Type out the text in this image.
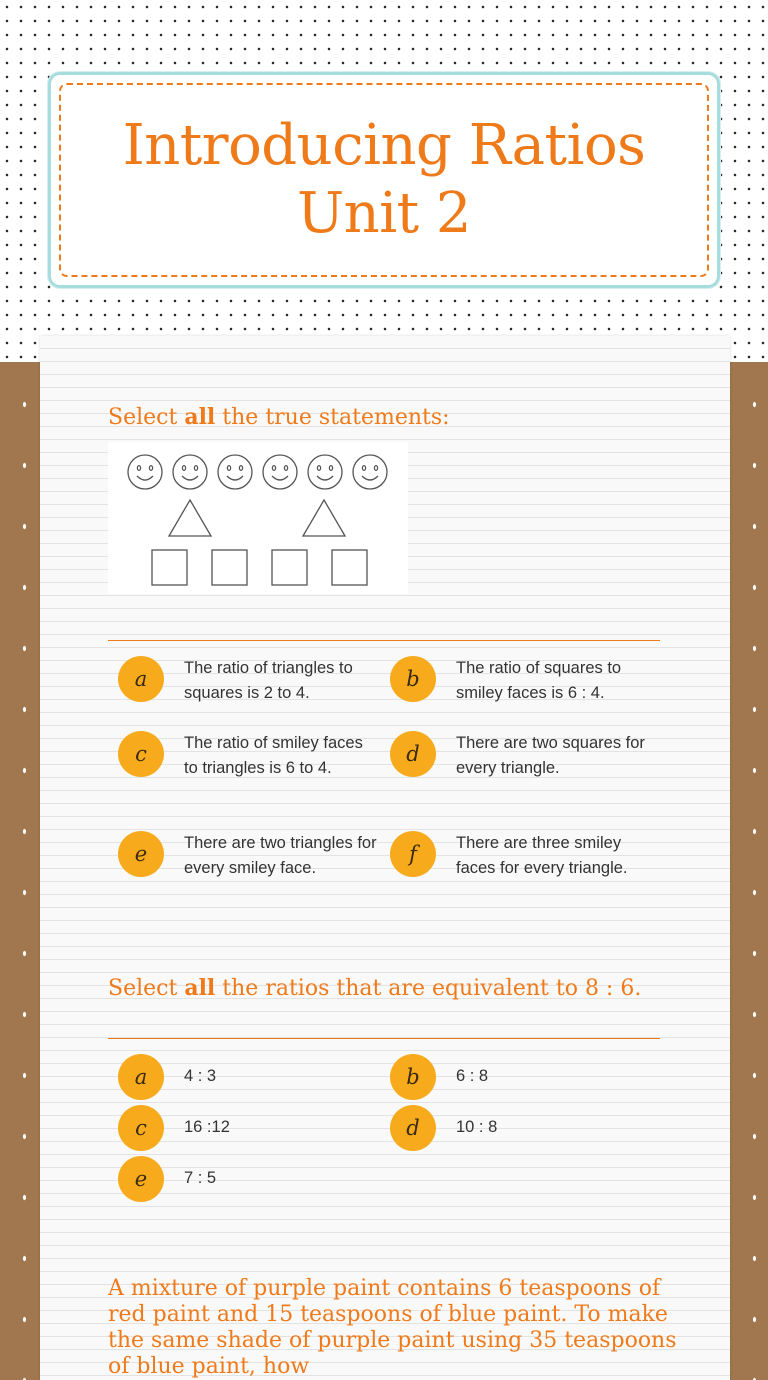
Introducing Ratios
Unit 2
Select all the true statements:
a	The ratio of triangles to squares is 2 to 4.
b	The ratio of squares to smiley faces is 6 : 4.
c	The ratio of smiley faces to triangles is 6 to 4.
d	There are two squares for every triangle.
e	There are two triangles for every smiley face.
f	There are three smiley faces for every triangle.
Select all the ratios that are equivalent to 8 : 6.
a	4 : 3	b	6 : 8
c	16 :12	d	10 : 8
e	7 : 5
A mixture of purple paint contains 6 teaspoons of red paint and 15 teaspoons of blue paint. To make the same shade of purple paint using 35 teaspoons of blue paint, how
